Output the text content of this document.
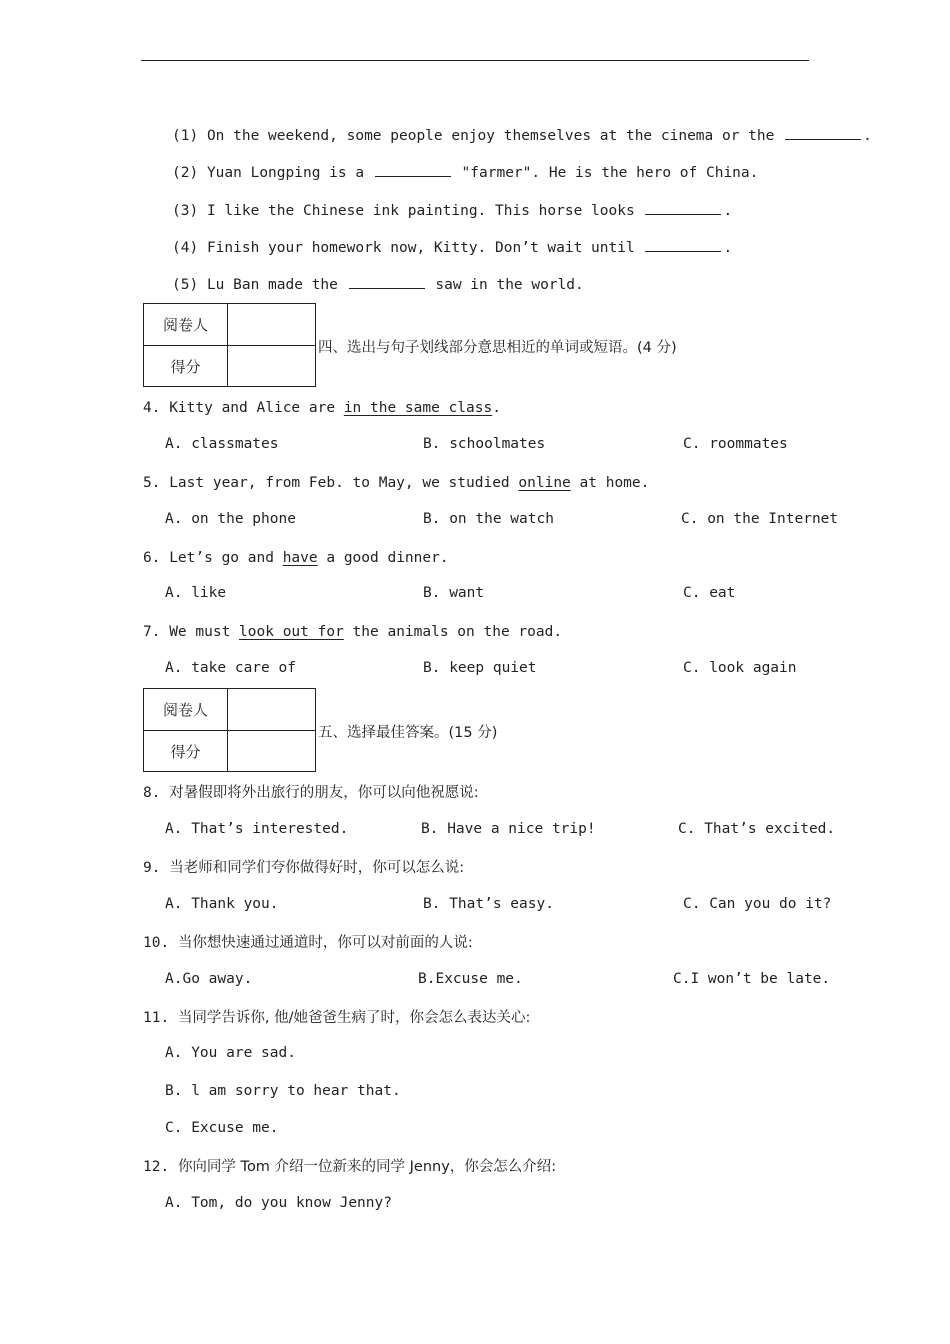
(1) On the weekend, some people enjoy themselves at the cinema or the	.
(2) Yuan Longping is a	"farmer". He is the hero of China.
(3) I like the Chinese ink painting. This horse looks	.
(4) Finish your homework now, Kitty. Don’t wait until	.
(5) Lu Ban made the	saw in the world.
阅卷人
得分
四、选出与句子划线部分意思相近的单词或短语。(4 分)
4. Kitty and Alice are in the same class.
A. classmates	B. schoolmates	C. roommates
5. Last year, from Feb. to May, we studied online at home.
A. on the phone	B. on the watch	C. on the Internet
6. Let’s go and have a good dinner.
A. like	B. want	C. eat
7. We must look out for the animals on the road.
A. take care of	B. keep quiet	C. look again
阅卷人
得分
五、选择最佳答案。(15 分)
8. 对暑假即将外出旅行的朋友，你可以向他祝愿说:
A. That’s interested.	B. Have a nice trip!	C. That’s excited.
9. 当老师和同学们夸你做得好时，你可以怎么说:
A. Thank you.	B. That’s easy.	C. Can you do it?
10. 当你想快速通过通道时，你可以对前面的人说:
A.Go away.	B.Excuse me.	C.I won’t be late.
11. 当同学告诉你, 他/她爸爸生病了时，你会怎么表达关心:
A. You are sad.
B. l am sorry to hear that.
C. Excuse me.
12. 你向同学 Tom 介绍一位新来的同学 Jenny，你会怎么介绍:
A. Tom, do you know Jenny?
